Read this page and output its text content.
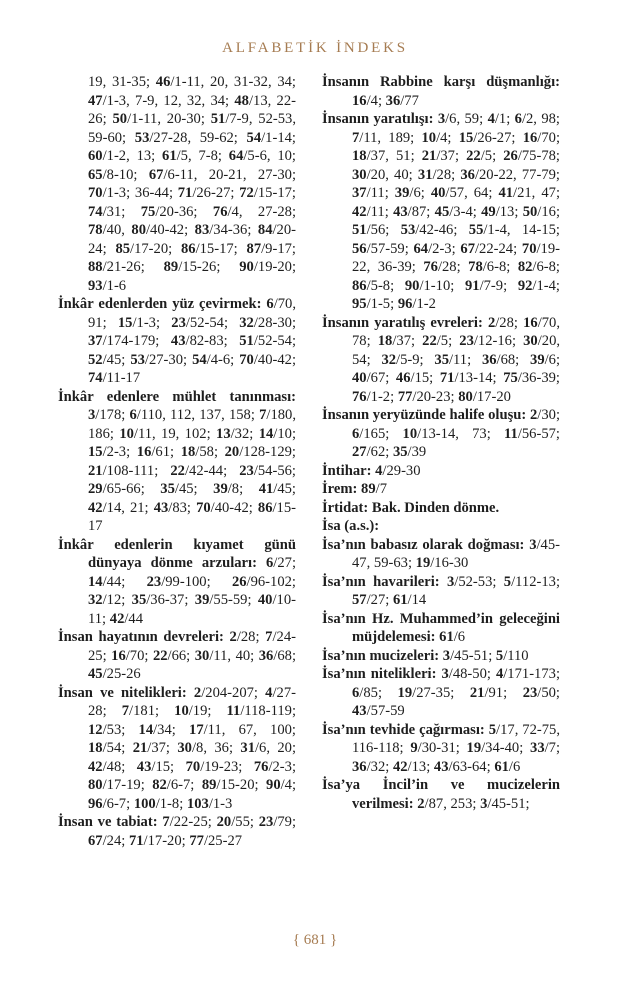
ALFABETİK İNDEKS

19, 31-35; 46/1-11, 20, 31-32, 34; 47/1-3, 7-9, 12, 32, 34; 48/13, 22-26; 50/1-11, 20-30; 51/7-9, 52-53, 59-60; 53/27-28, 59-62; 54/1-14; 60/1-2, 13; 61/5, 7-8; 64/5-6, 10; 65/8-10; 67/6-11, 20-21, 27-30; 70/1-3; 36-44; 71/26-27; 72/15-17; 74/31; 75/20-36; 76/4, 27-28; 78/40, 80/40-42; 83/34-36; 84/20-24; 85/17-20; 86/15-17; 87/9-17; 88/21-26; 89/15-26; 90/19-20; 93/1-6

İnkâr edenlerden yüz çevirmek: 6/70, 91; 15/1-3; 23/52-54; 32/28-30; 37/174-179; 43/82-83; 51/52-54; 52/45; 53/27-30; 54/4-6; 70/40-42; 74/11-17

İnkâr edenlere mühlet tanınması: 3/178; 6/110, 112, 137, 158; 7/180, 186; 10/11, 19, 102; 13/32; 14/10; 15/2-3; 16/61; 18/58; 20/128-129; 21/108-111; 22/42-44; 23/54-56; 29/65-66; 35/45; 39/8; 41/45; 42/14, 21; 43/83; 70/40-42; 86/15-17

İnkâr edenlerin kıyamet günü dünyaya dönme arzuları: 6/27; 14/44; 23/99-100; 26/96-102; 32/12; 35/36-37; 39/55-59; 40/10-11; 42/44

İnsan hayatının devreleri: 2/28; 7/24-25; 16/70; 22/66; 30/11, 40; 36/68; 45/25-26

İnsan ve nitelikleri: 2/204-207; 4/27-28; 7/181; 10/19; 11/118-119; 12/53; 14/34; 17/11, 67, 100; 18/54; 21/37; 30/8, 36; 31/6, 20; 42/48; 43/15; 70/19-23; 76/2-3; 80/17-19; 82/6-7; 89/15-20; 90/4; 96/6-7; 100/1-8; 103/1-3

İnsan ve tabiat: 7/22-25; 20/55; 23/79; 67/24; 71/17-20; 77/25-27

İnsanın Rabbine karşı düşmanlığı: 16/4; 36/77

İnsanın yaratılışı: 3/6, 59; 4/1; 6/2, 98; 7/11, 189; 10/4; 15/26-27; 16/70; 18/37, 51; 21/37; 22/5; 26/75-78; 30/20, 40; 31/28; 36/20-22, 77-79; 37/11; 39/6; 40/57, 64; 41/21, 47; 42/11; 43/87; 45/3-4; 49/13; 50/16; 51/56; 53/42-46; 55/1-4, 14-15; 56/57-59; 64/2-3; 67/22-24; 70/19-22, 36-39; 76/28; 78/6-8; 82/6-8; 86/5-8; 90/1-10; 91/7-9; 92/1-4; 95/1-5; 96/1-2

İnsanın yaratılış evreleri: 2/28; 16/70, 78; 18/37; 22/5; 23/12-16; 30/20, 54; 32/5-9; 35/11; 36/68; 39/6; 40/67; 46/15; 71/13-14; 75/36-39; 76/1-2; 77/20-23; 80/17-20

İnsanın yeryüzünde halife oluşu: 2/30; 6/165; 10/13-14, 73; 11/56-57; 27/62; 35/39

İntihar: 4/29-30

İrem: 89/7

İrtidat: Bak. Dinden dönme.

İsa (a.s.):

İsa’nın babasız olarak doğması: 3/45-47, 59-63; 19/16-30

İsa’nın havarileri: 3/52-53; 5/112-13; 57/27; 61/14

İsa’nın Hz. Muhammed’in geleceğini müjdelemesi: 61/6

İsa’nın mucizeleri: 3/45-51; 5/110

İsa’nın nitelikleri: 3/48-50; 4/171-173; 6/85; 19/27-35; 21/91; 23/50; 43/57-59

İsa’nın tevhide çağırması: 5/17, 72-75, 116-118; 9/30-31; 19/34-40; 33/7; 36/32; 42/13; 43/63-64; 61/6

İsa’ya İncil’in ve mucizelerin verilmesi: 2/87, 253; 3/45-51;

{ 681 }
